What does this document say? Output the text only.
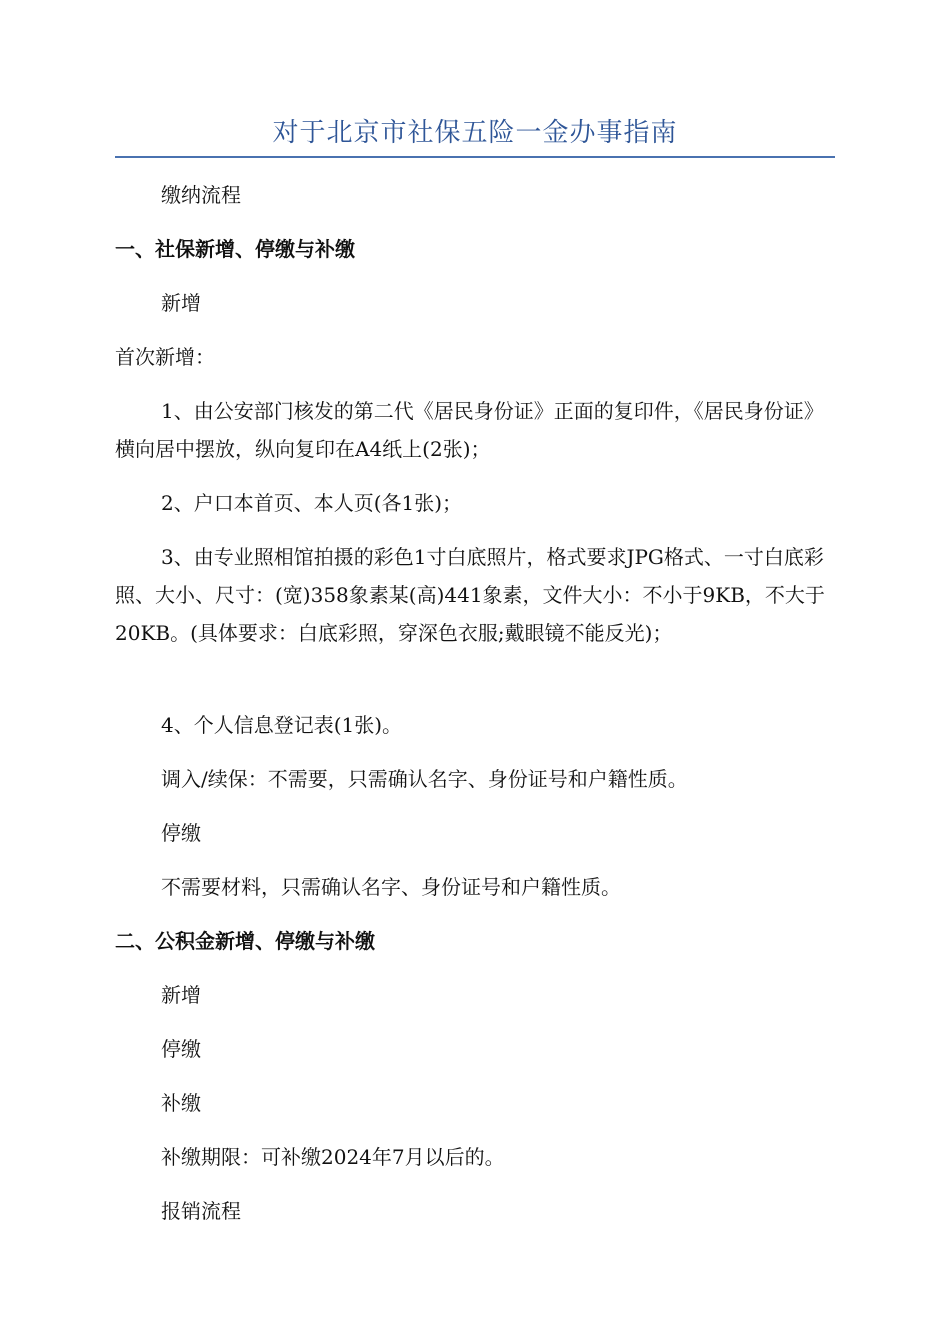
对于北京市社保五险一金办事指南

缴纳流程

一、社保新增、停缴与补缴

新增

首次新增：

1、由公安部门核发的第二代《居民身份证》正面的复印件，《居民身份证》横向居中摆放，纵向复印在A4纸上(2张)；

2、户口本首页、本人页(各1张)；

3、由专业照相馆拍摄的彩色1寸白底照片，格式要求JPG格式、一寸白底彩照、大小、尺寸：(宽)358象素某(高)441象素，文件大小：不小于9KB，不大于20KB。(具体要求：白底彩照，穿深色衣服;戴眼镜不能反光)；

4、个人信息登记表(1张)。

调入/续保：不需要，只需确认名字、身份证号和户籍性质。

停缴

不需要材料，只需确认名字、身份证号和户籍性质。

二、公积金新增、停缴与补缴

新增

停缴

补缴

补缴期限：可补缴2024年7月以后的。

报销流程
